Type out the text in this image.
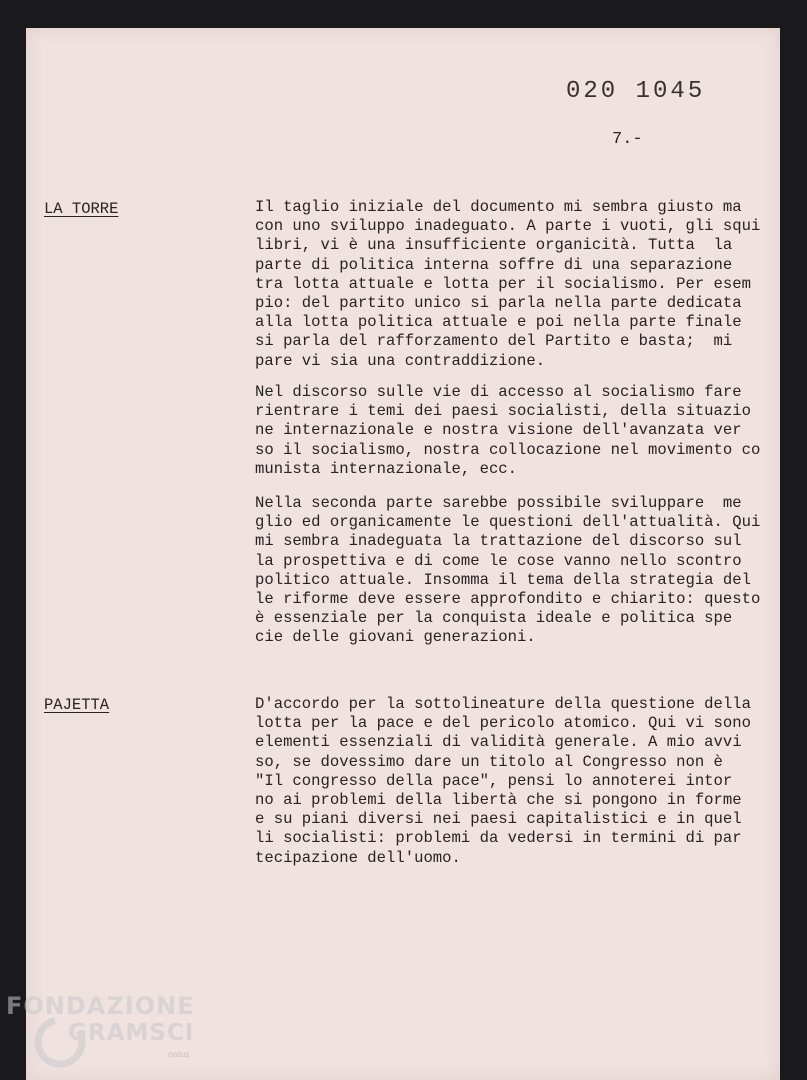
020 1045
7.-
LA TORRE	Il taglio iniziale del documento mi sembra giusto ma
con uno sviluppo inadeguato. A parte i vuoti, gli squi
libri, vi è una insufficiente organicità. Tutta  la
parte di politica interna soffre di una separazione
tra lotta attuale e lotta per il socialismo. Per esem
pio: del partito unico si parla nella parte dedicata
alla lotta politica attuale e poi nella parte finale
si parla del rafforzamento del Partito e basta;  mi
pare vi sia una contraddizione.
Nel discorso sulle vie di accesso al socialismo fare
rientrare i temi dei paesi socialisti, della situazio
ne internazionale e nostra visione dell'avanzata ver
so il socialismo, nostra collocazione nel movimento co
munista internazionale, ecc.
Nella seconda parte sarebbe possibile sviluppare  me
glio ed organicamente le questioni dell'attualità. Qui
mi sembra inadeguata la trattazione del discorso sul
la prospettiva e di come le cose vanno nello scontro
politico attuale. Insomma il tema della strategia del
le riforme deve essere approfondito e chiarito: questo
è essenziale per la conquista ideale e politica spe
cie delle giovani generazioni.
PAJETTA	D'accordo per la sottolineature della questione della
lotta per la pace e del pericolo atomico. Qui vi sono
elementi essenziali di validità generale. A mio avvi
so, se dovessimo dare un titolo al Congresso non è
"Il congresso della pace", pensi lo annoterei intor
no ai problemi della libertà che si pongono in forme
e su piani diversi nei paesi capitalistici e in quel
li socialisti: problemi da vedersi in termini di par
tecipazione dell'uomo.
FONDAZIONE
GRAMSCI
onlus
